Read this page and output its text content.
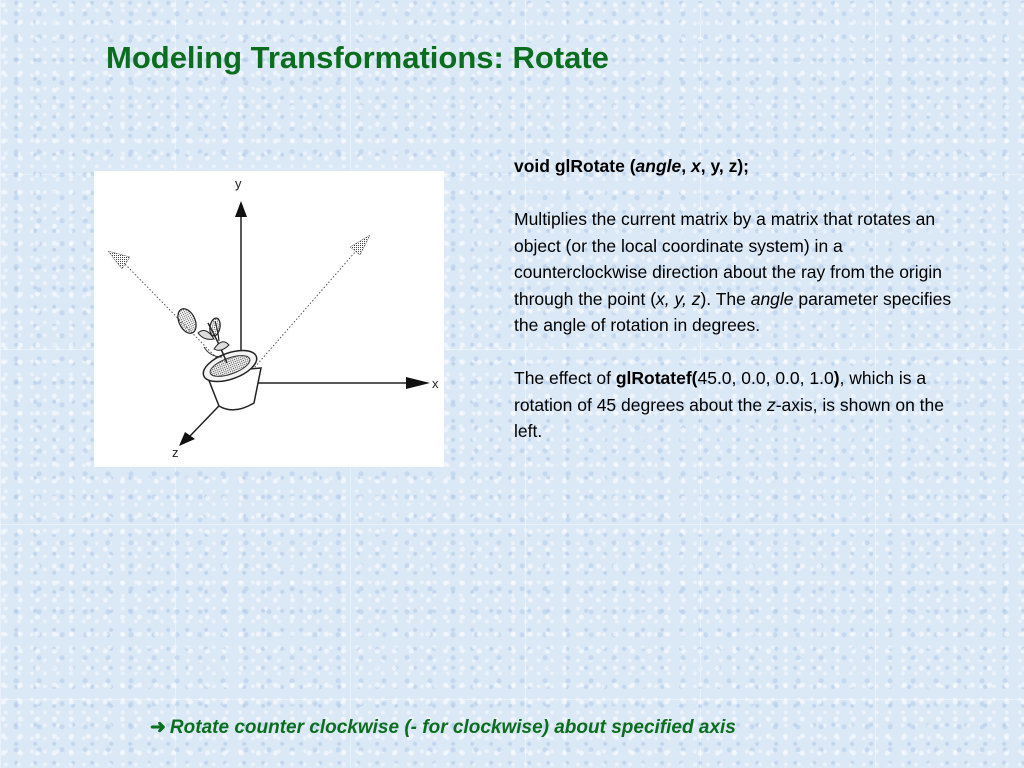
Modeling Transformations: Rotate
y
x
z

void glRotate (angle, x, y, z);

Multiplies the current matrix by a matrix that rotates an object (or the local coordinate system) in a counterclockwise direction about the ray from the origin through the point (x, y, z). The angle parameter specifies the angle of rotation in degrees.

The effect of glRotatef(45.0, 0.0, 0.0, 1.0), which is a rotation of 45 degrees about the z-axis, is shown on the left.

➜ Rotate counter clockwise (- for clockwise) about specified axis
